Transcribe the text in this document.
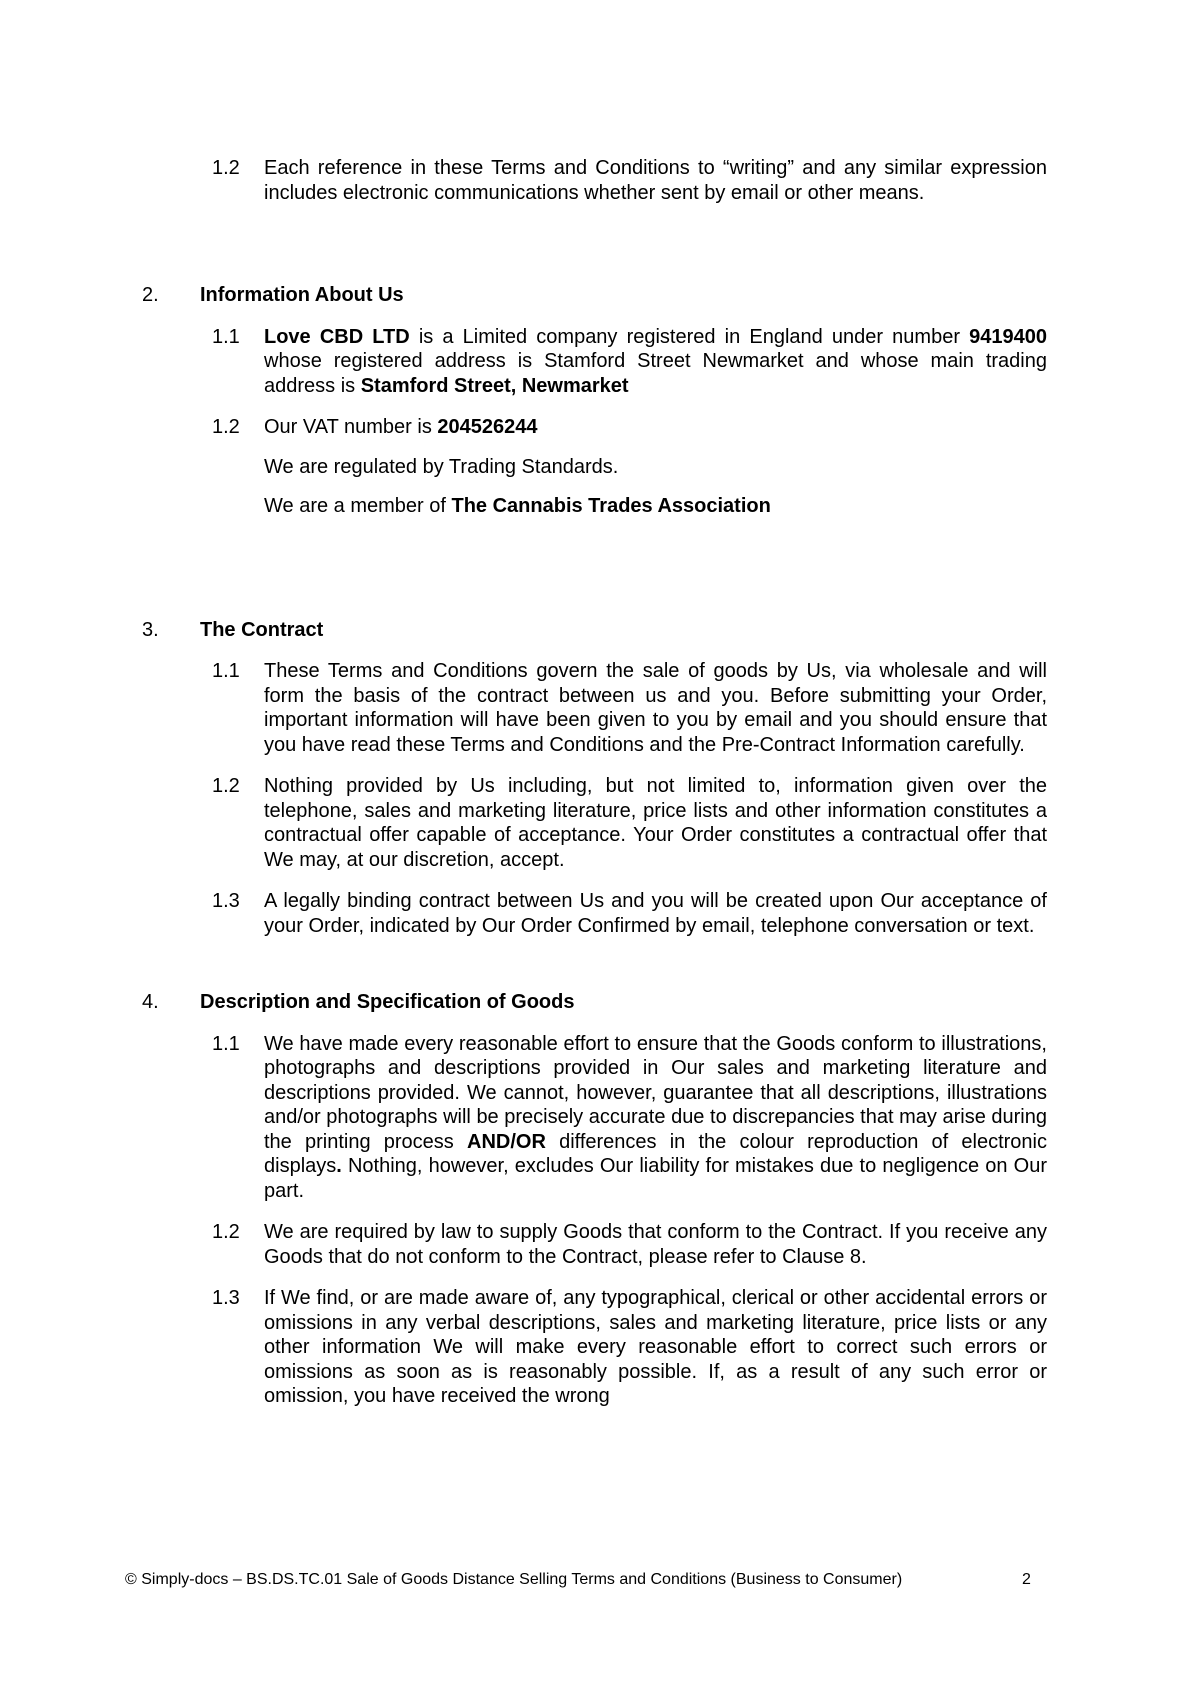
1.2	Each reference in these Terms and Conditions to “writing” and any similar expression includes electronic communications whether sent by email or other means.
2.	Information About Us
1.1	Love CBD LTD is a Limited company registered in England under number 9419400 whose registered address is Stamford Street Newmarket and whose main trading address is Stamford Street, Newmarket
1.2	Our VAT number is 204526244
We are regulated by Trading Standards.
We are a member of The Cannabis Trades Association
3.	The Contract
1.1	These Terms and Conditions govern the sale of goods by Us, via wholesale and will form the basis of the contract between us and you. Before submitting your Order, important information will have been given to you by email and you should ensure that you have read these Terms and Conditions and the Pre-Contract Information carefully.
1.2	Nothing provided by Us including, but not limited to, information given over the telephone, sales and marketing literature, price lists and other information constitutes a contractual offer capable of acceptance. Your Order constitutes a contractual offer that We may, at our discretion, accept.
1.3	A legally binding contract between Us and you will be created upon Our acceptance of your Order, indicated by Our Order Confirmed by email, telephone conversation or text.
4.	Description and Specification of Goods
1.1	We have made every reasonable effort to ensure that the Goods conform to illustrations, photographs and descriptions provided in Our sales and marketing literature and descriptions provided. We cannot, however, guarantee that all descriptions, illustrations and/or photographs will be precisely accurate due to discrepancies that may arise during the printing process AND/OR differences in the colour reproduction of electronic displays. Nothing, however, excludes Our liability for mistakes due to negligence on Our part.
1.2	We are required by law to supply Goods that conform to the Contract. If you receive any Goods that do not conform to the Contract, please refer to Clause 8.
1.3	If We find, or are made aware of, any typographical, clerical or other accidental errors or omissions in any verbal descriptions, sales and marketing literature, price lists or any other information We will make every reasonable effort to correct such errors or omissions as soon as is reasonably possible. If, as a result of any such error or omission, you have received the wrong
© Simply-docs – BS.DS.TC.01 Sale of Goods Distance Selling Terms and Conditions (Business to Consumer)	2
